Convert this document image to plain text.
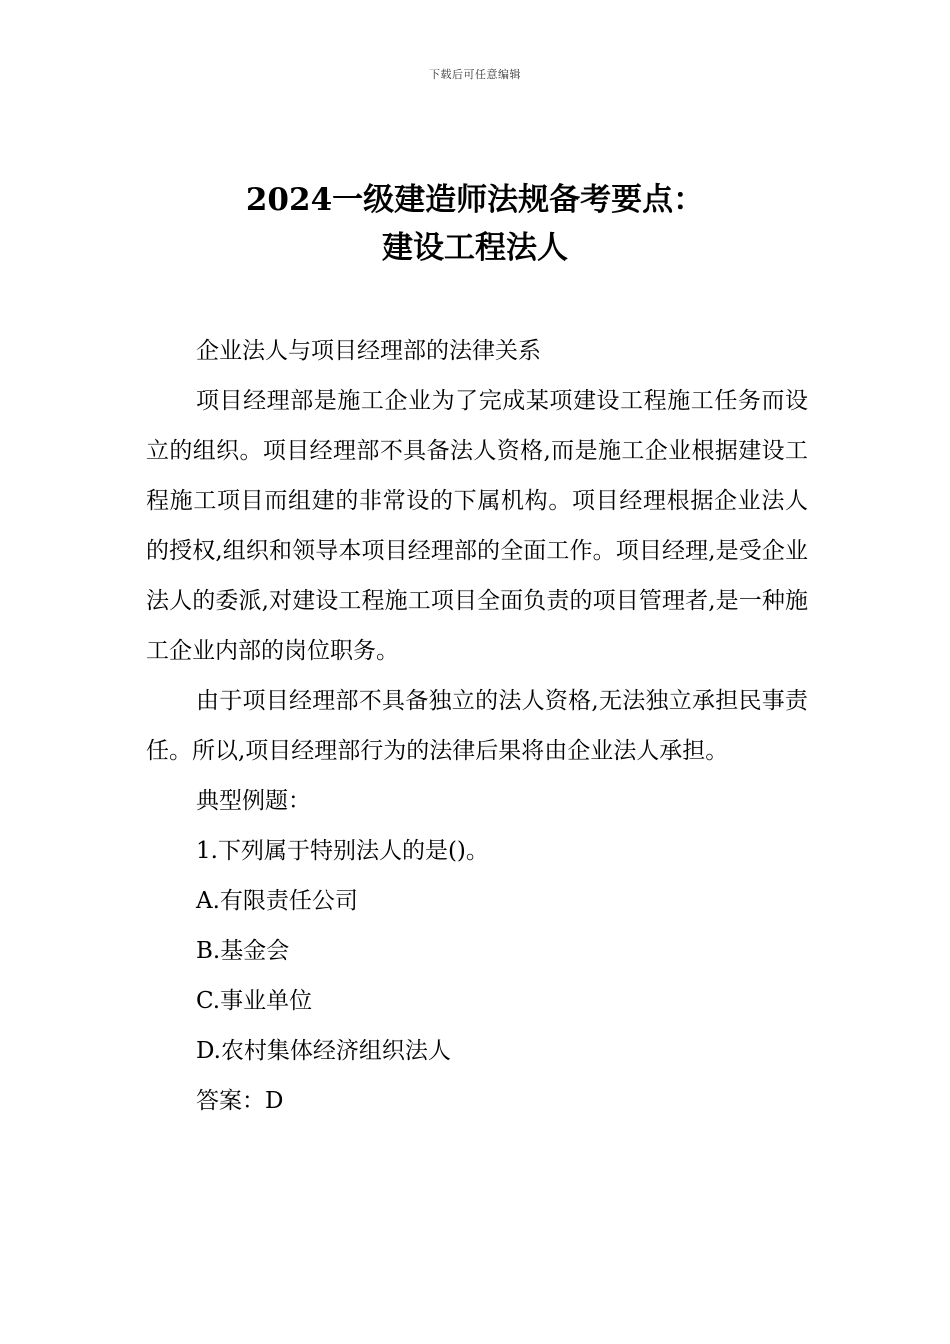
下载后可任意编辑
2024一级建造师法规备考要点：
建设工程法人

企业法人与项目经理部的法律关系

项目经理部是施工企业为了完成某项建设工程施工任务而设立的组织。项目经理部不具备法人资格,而是施工企业根据建设工程施工项目而组建的非常设的下属机构。项目经理根据企业法人的授权,组织和领导本项目经理部的全面工作。项目经理,是受企业法人的委派,对建设工程施工项目全面负责的项目管理者,是一种施工企业内部的岗位职务。

由于项目经理部不具备独立的法人资格,无法独立承担民事责任。所以,项目经理部行为的法律后果将由企业法人承担。

典型例题：

1.下列属于特别法人的是()。

A.有限责任公司

B.基金会

C.事业单位

D.农村集体经济组织法人

答案：D
